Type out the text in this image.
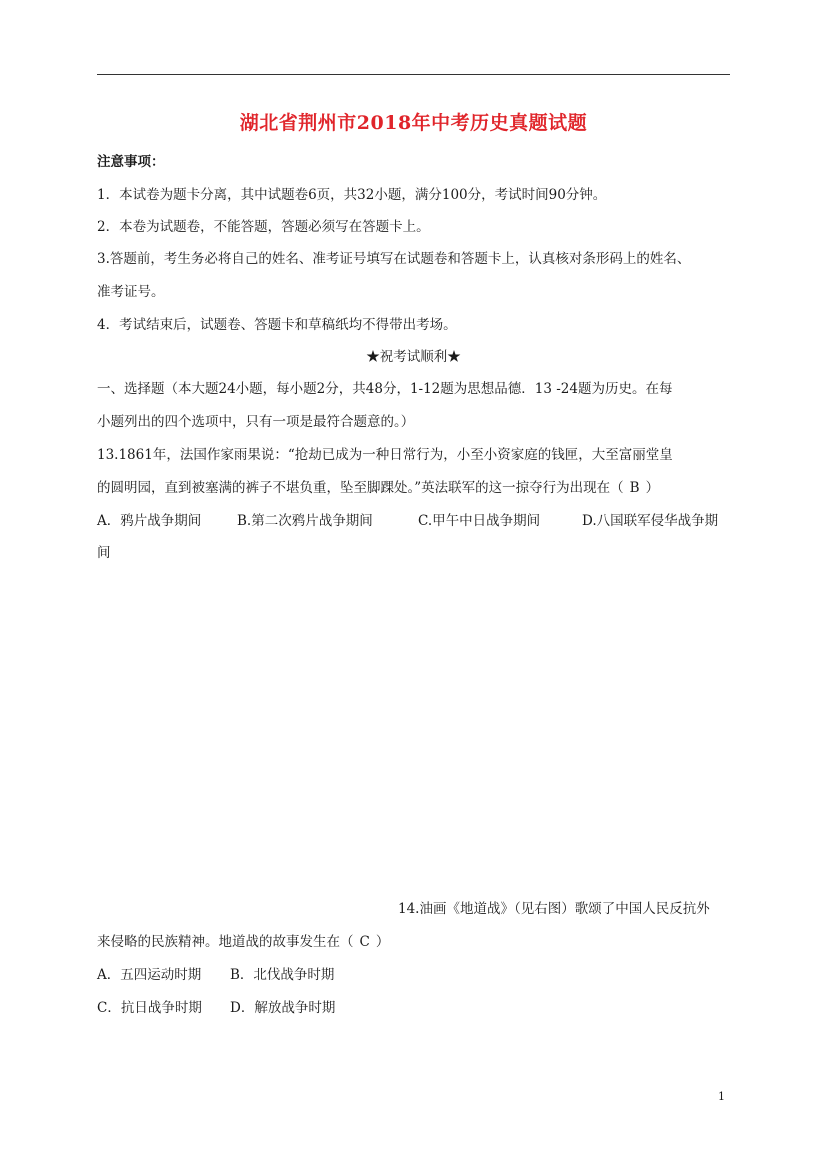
湖北省荆州市2018年中考历史真题试题
注意事项：
1．本试卷为题卡分离，其中试题卷6页，共32小题，满分100分，考试时间90分钟。
2．本卷为试题卷，不能答题，答题必须写在答题卡上。
3.答题前，考生务必将自己的姓名、准考证号填写在试题卷和答题卡上，认真核对条形码上的姓名、
准考证号。
4．考试结束后，试题卷、答题卡和草稿纸均不得带出考场。
★祝考试顺利★
一、选择题（本大题24小题，每小题2分，共48分，1-12题为思想品德．13 -24题为历史。在每
小题列出的四个选项中，只有一项是最符合题意的。）
13.1861年，法国作家雨果说：“抢劫已成为一种日常行为，小至小资家庭的钱匣，大至富丽堂皇
的圆明园，直到被塞满的裤子不堪负重，坠至脚踝处。”英法联军的这一掠夺行为出现在（ B ）
A．鸦片战争期间	B.第二次鸦片战争期间	C.甲午中日战争期间	D.八国联军侵华战争期
间
14.油画《地道战》（见右图）歌颂了中国人民反抗外
来侵略的民族精神。地道战的故事发生在（ C ）
A．五四运动时期	B．北伐战争时期
C．抗日战争时期	D．解放战争时期
1
